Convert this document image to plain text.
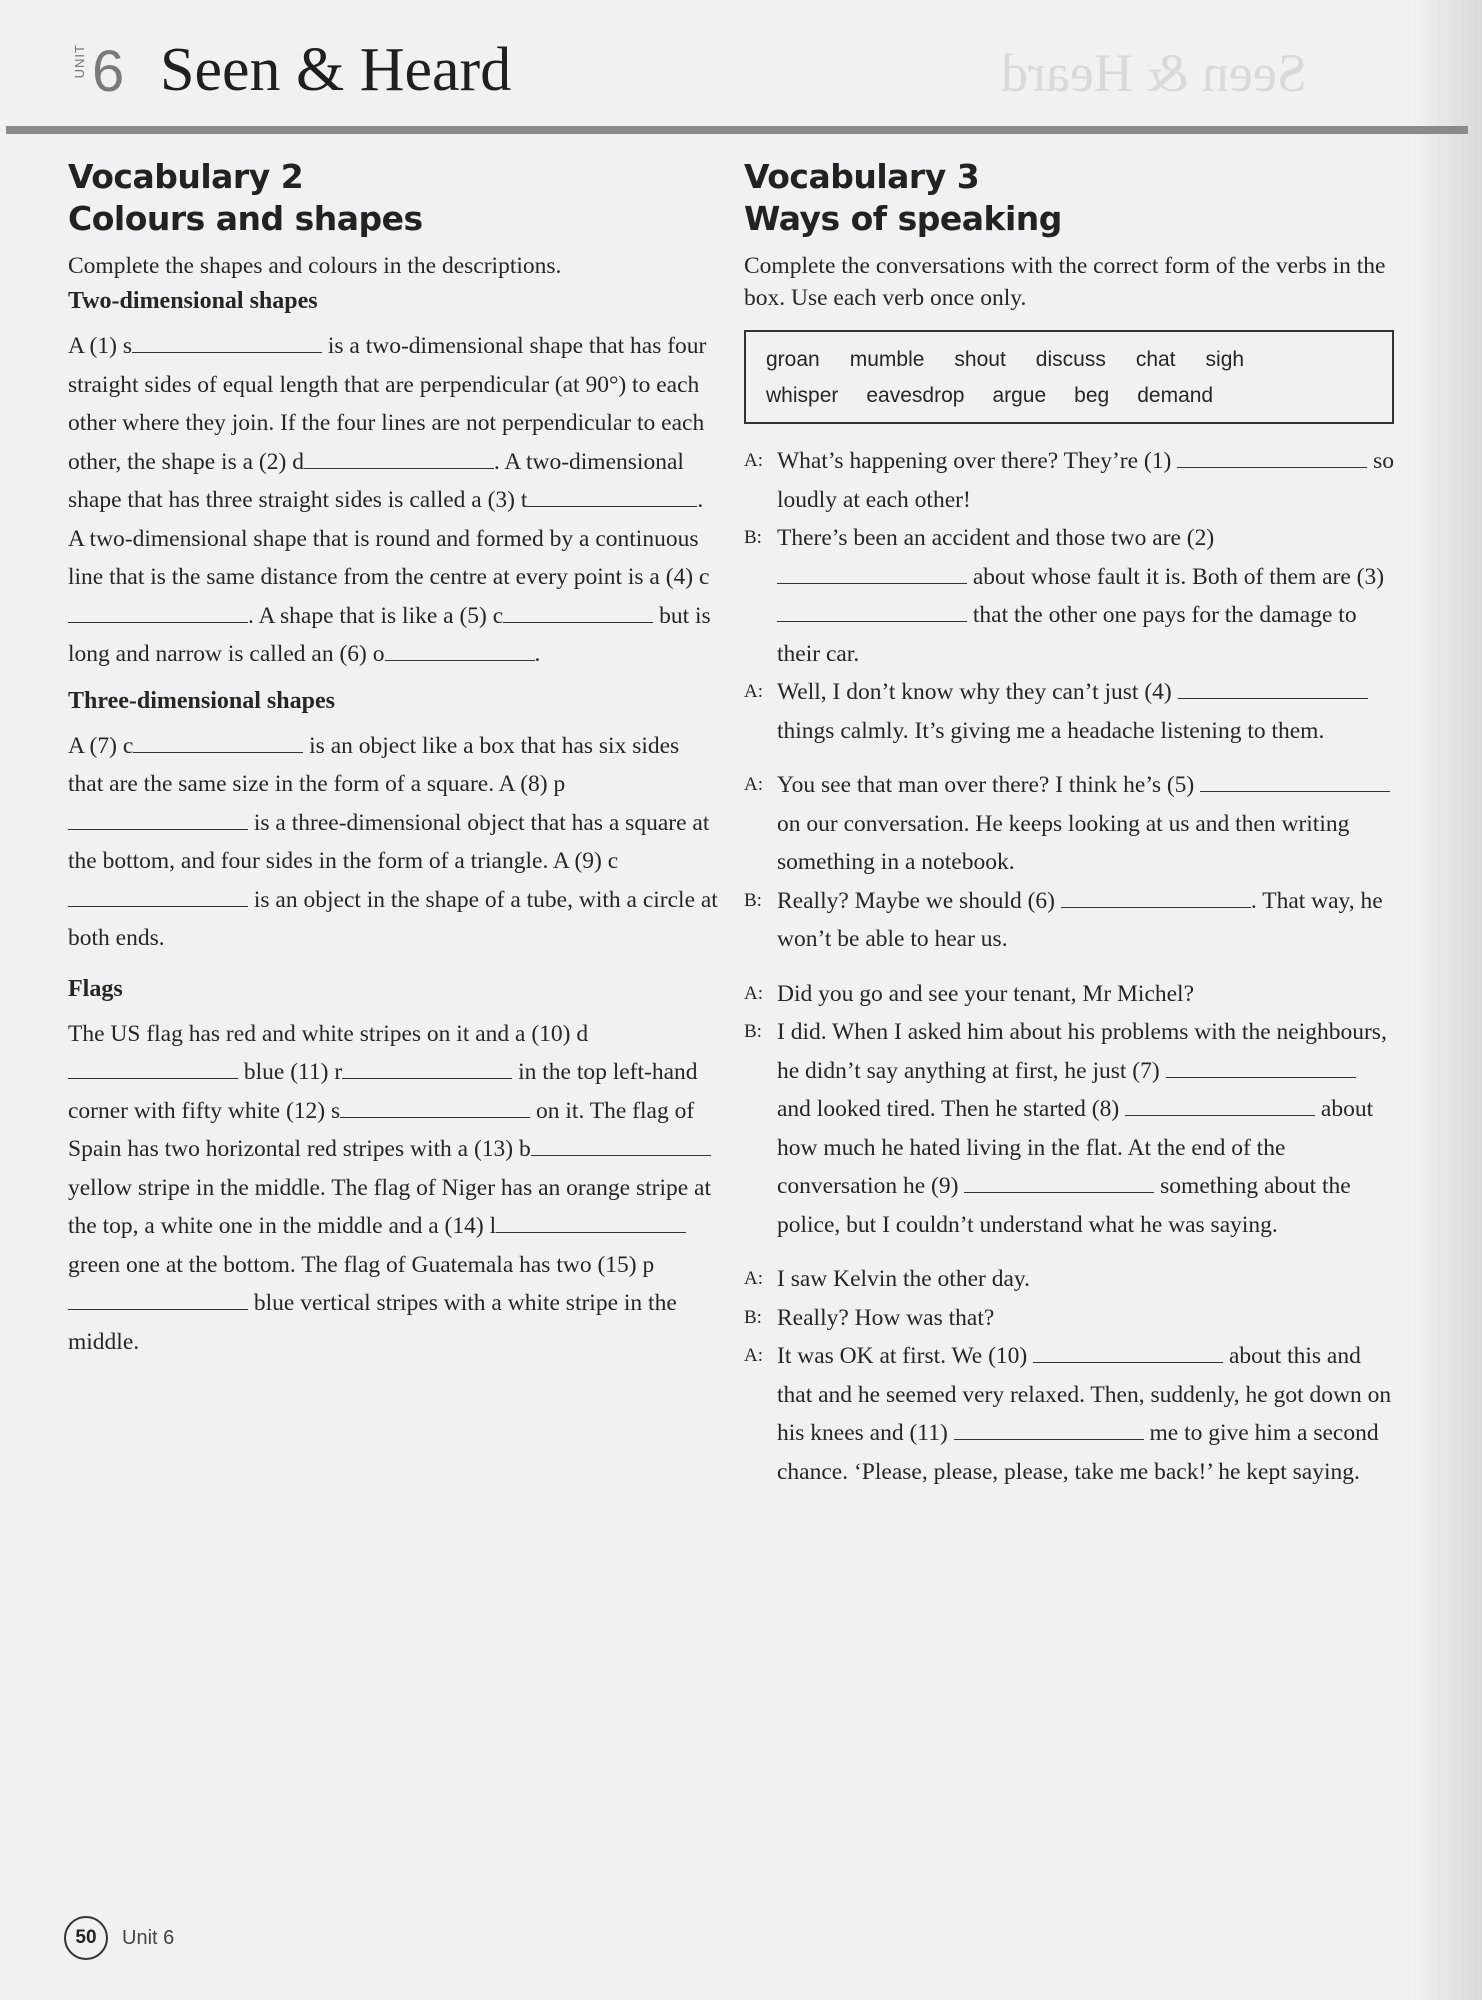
Seen & Heard
UNIT 6 Seen & Heard
Vocabulary 2
Colours and shapes

Complete the shapes and colours in the descriptions.

Two-dimensional shapes

A (1) s	is a two-dimensional shape that has four straight sides of equal length that are perpendicular (at 90°) to each other where they join. If the four lines are not perpendicular to each other, the shape is a (2) d	. A two-dimensional shape that has three straight sides is called a (3) t	. A two-dimensional shape that is round and formed by a continuous line that is the same distance from the centre at every point is a (4) c. A shape that is like a (5) c	but is long and narrow is called an (6) o	.

Three-dimensional shapes

A (7) c	is an object like a box that has six sides that are the same size in the form of a square. A (8) p is a three-dimensional object that has a square at the bottom, and four sides in the form of a triangle. A (9) c is an object in the shape of a tube, with a circle at both ends.

Flags

The US flag has red and white stripes on it and a (10) d blue (11) r	in the top left-hand corner with fifty white (12) s	on it. The flag of Spain has two horizontal red stripes with a (13) b yellow stripe in the middle. The flag of Niger has an orange stripe at the top, a white one in the middle and a (14) l green one at the bottom. The flag of Guatemala has two (15) p blue vertical stripes with a white stripe in the middle.

Vocabulary 3
Ways of speaking

Complete the conversations with the correct form of the verbs in the box. Use each verb once only.

groan mumble shout discuss chat sigh
whisper eavesdrop argue beg demand
A: What’s happening over there? They’re (1)	so loudly at each other!
B: There’s been an accident and those two are (2)  about whose fault it is. Both of them are (3)  that the other one pays for the damage to their car.
A: Well, I don’t know why they can’t just (4)  things calmly. It’s giving me a headache listening to them.
A: You see that man over there? I think he’s (5)  on our conversation. He keeps looking at us and then writing something in a notebook.
B: Really? Maybe we should (6)	. That way, he won’t be able to hear us.
A: Did you go and see your tenant, Mr Michel?
B: I did. When I asked him about his problems with the neighbours, he didn’t say anything at first, he just (7)  and looked tired. Then he started (8)	about how much he hated living in the flat. At the end of the conversation he (9)	something about the police, but I couldn’t understand what he was saying.
A: I saw Kelvin the other day.
B: Really? How was that?
A: It was OK at first. We (10)	about this and that and he seemed very relaxed. Then, suddenly, he got down on his knees and (11)	me to give him a second chance. ‘Please, please, please, take me back!’ he kept saying.
50	Unit 6
